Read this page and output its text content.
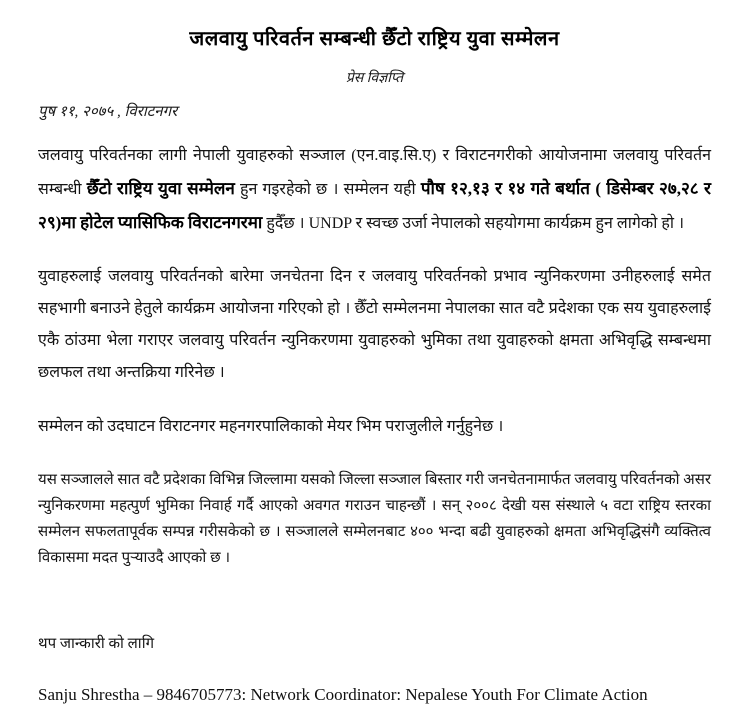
जलवायु परिवर्तन सम्बन्धी छैँटो राष्ट्रिय युवा सम्मेलन
प्रेस विज्ञप्ति
पुष ११, २०७५ , विराटनगर

जलवायु परिवर्तनका लागी नेपाली युवाहरुको सञ्जाल (एन.वाइ.सि.ए) र विराटनगरीको आयोजनामा जलवायु परिवर्तन सम्बन्धी छैँटो राष्ट्रिय युवा सम्मेलन हुन गइरहेको छ । सम्मेलन यही पौष १२,१३ र १४ गते बर्थात ( डिसेम्बर २७,२८ र २९)मा होटेल प्यासिफिक विराटनगरमा हुदैँछ । UNDP र स्वच्छ उर्जा नेपालको सहयोगमा कार्यक्रम हुन लागेको हो ।

युवाहरुलाई जलवायु परिवर्तनको बारेमा जनचेतना दिन र जलवायु परिवर्तनको प्रभाव न्युनिकरणमा उनीहरुलाई समेत सहभागी बनाउने हेतुले कार्यक्रम आयोजना गरिएको हो । छैँटो सम्मेलनमा नेपालका सात वटै प्रदेशका एक सय युवाहरुलाई एकै ठांउमा भेला गराएर जलवायु परिवर्तन न्युनिकरणमा युवाहरुको भुमिका तथा युवाहरुको क्षमता अभिवृद्धि सम्बन्धमा छलफल तथा अन्तक्रिया गरिनेछ ।

सम्मेलन को उदघाटन विराटनगर महनगरपालिकाको मेयर भिम पराजुलीले गर्नुहुनेछ ।

यस सञ्जालले सात वटै प्रदेशका विभिन्न जिल्लामा यसको जिल्ला सञ्जाल बिस्तार गरी जनचेतनामार्फत जलवायु परिवर्तनको असर न्युनिकरणमा महत्पुर्ण भुमिका निवार्ह गर्दै आएको अवगत गराउन चाहन्छौं । सन् २००८ देखी यस संस्थाले ५ वटा राष्ट्रिय स्तरका सम्मेलन सफलतापूर्वक सम्पन्न गरीसकेको छ । सञ्जालले सम्मेलनबाट ४०० भन्दा बढी युवाहरुको क्षमता अभिवृद्धिसंगै व्यक्तित्व विकासमा मदत पुऱ्याउदै आएको छ ।

थप जान्कारी को लागि
Sanju Shrestha – 9846705773: Network Coordinator: Nepalese Youth For Climate Action
